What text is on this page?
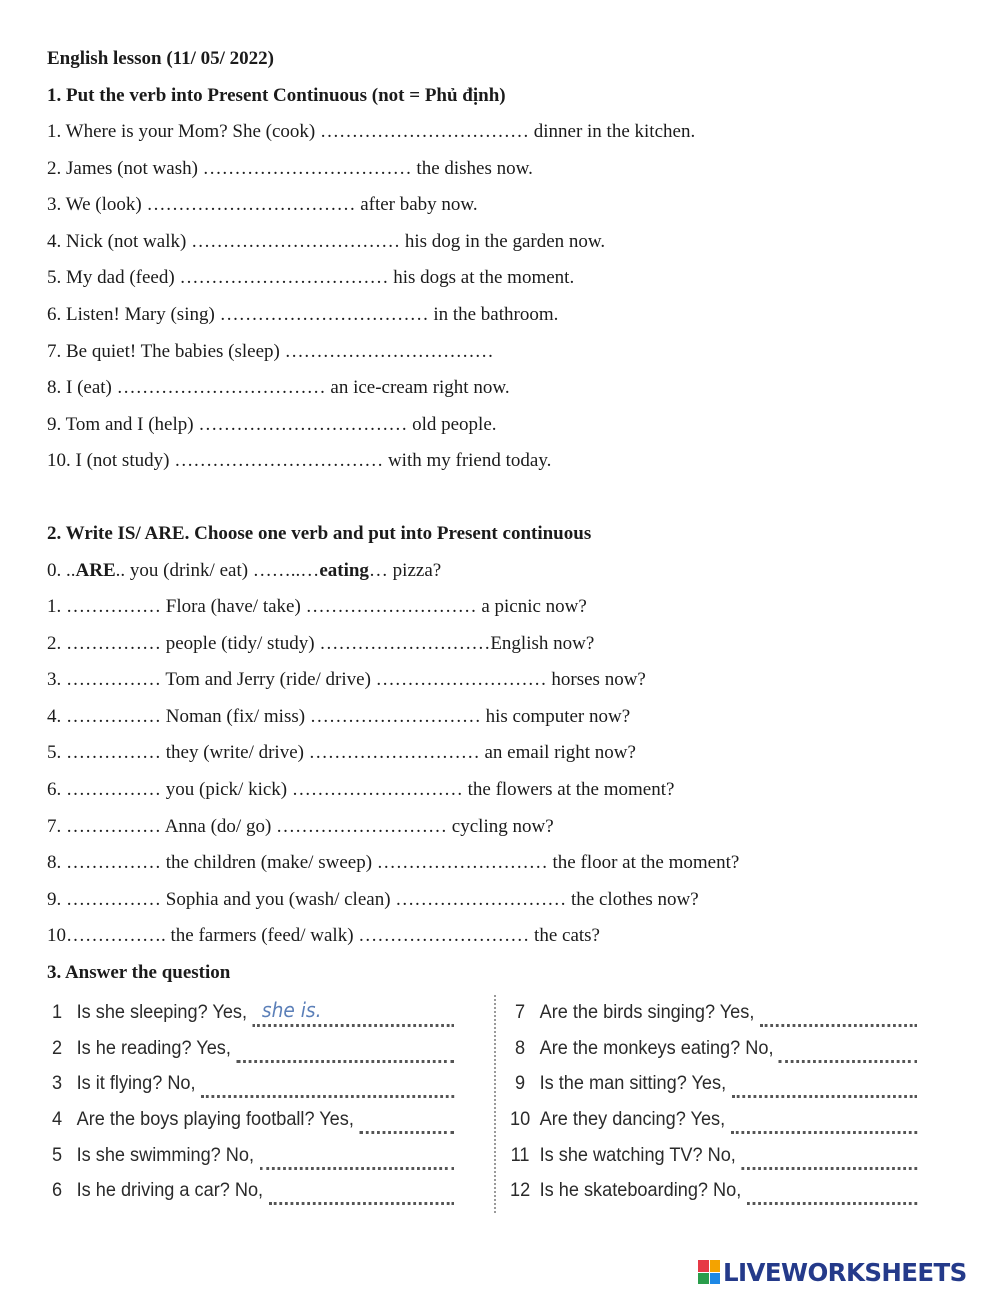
English lesson (11/ 05/ 2022)
1. Put the verb into Present Continuous (not = Phủ định)
1. Where is your Mom? She (cook) …………………………… dinner in the kitchen.
2. James (not wash) …………………………… the dishes now.
3. We (look) …………………………… after baby now.
4. Nick (not walk) …………………………… his dog in the garden now.
5. My dad (feed) …………………………… his dogs at the moment.
6. Listen! Mary (sing) …………………………… in the bathroom.
7. Be quiet! The babies (sleep) ……………………………
8. I (eat) …………………………… an ice-cream right now.
9. Tom and I (help) …………………………… old people.
10. I (not study) …………………………… with my friend today.
2. Write IS/ ARE. Choose one verb and put into Present continuous
0. ..ARE.. you (drink/ eat) ……..…eating… pizza?
1. …………… Flora (have/ take) ……………………… a picnic now?
2. …………… people (tidy/ study) ………………………English now?
3. …………… Tom and Jerry (ride/ drive) ……………………… horses now?
4. …………… Noman (fix/ miss) ……………………… his computer now?
5. …………… they (write/ drive) ……………………… an email right now?
6. …………… you (pick/ kick) ……………………… the flowers at the moment?
7. …………… Anna (do/ go) ……………………… cycling now?
8. …………… the children (make/ sweep) ……………………… the floor at the moment?
9. …………… Sophia and you (wash/ clean) ……………………… the clothes now?
10……………. the farmers (feed/ walk) ……………………… the cats?
3. Answer the question
1 Is she sleeping? Yes, she is.
2 Is he reading? Yes,
3 Is it flying? No,
4 Are the boys playing football? Yes,
5 Is she swimming? No,
6 Is he driving a car? No,
7 Are the birds singing? Yes,
8 Are the monkeys eating? No,
9 Is the man sitting? Yes,
10 Are they dancing? Yes,
11 Is she watching TV? No,
12 Is he skateboarding? No,
LIVEWORKSHEETS
